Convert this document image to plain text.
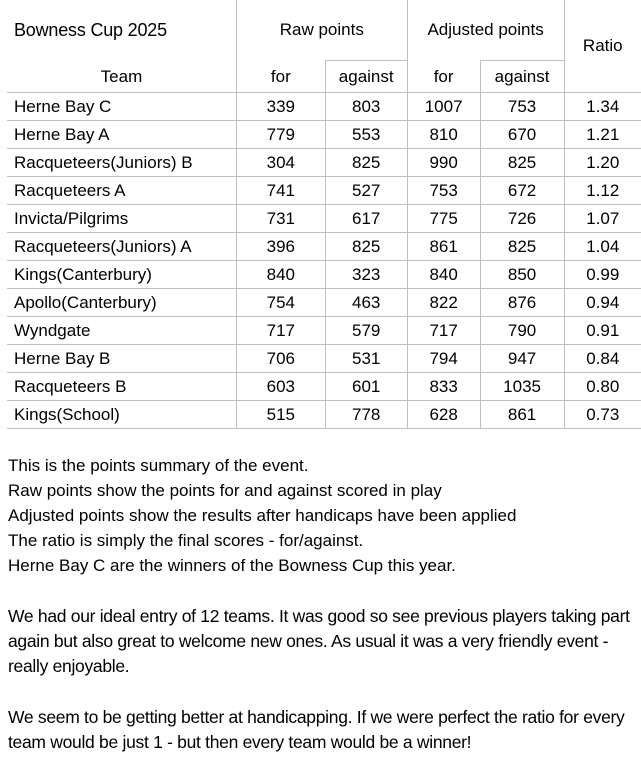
Bowness Cup 2025	Raw points		Adjusted points		Ratio
Team	for	against	for	against	
Herne Bay C	339	803	1007	753	1.34
Herne Bay A	779	553	810	670	1.21
Racqueteers(Juniors) B	304	825	990	825	1.20
Racqueteers A	741	527	753	672	1.12
Invicta/Pilgrims	731	617	775	726	1.07
Racqueteers(Juniors) A	396	825	861	825	1.04
Kings(Canterbury)	840	323	840	850	0.99
Apollo(Canterbury)	754	463	822	876	0.94
Wyndgate	717	579	717	790	0.91
Herne Bay B	706	531	794	947	0.84
Racqueteers B	603	601	833	1035	0.80
Kings(School)	515	778	628	861	0.73

This is the points summary of the event.

Raw points show the points for and against scored in play

Adjusted points show the results after handicaps have been applied

The ratio is simply the final scores - for/against.

Herne Bay C are the winners of the Bowness Cup this year.

We had our ideal entry of 12 teams. It was good so see previous players taking part again but also great to welcome new ones. As usual it was a very friendly event - really enjoyable.

We seem to be getting better at handicapping. If we were perfect the ratio for every team would be just 1 - but then every team would be a winner!
